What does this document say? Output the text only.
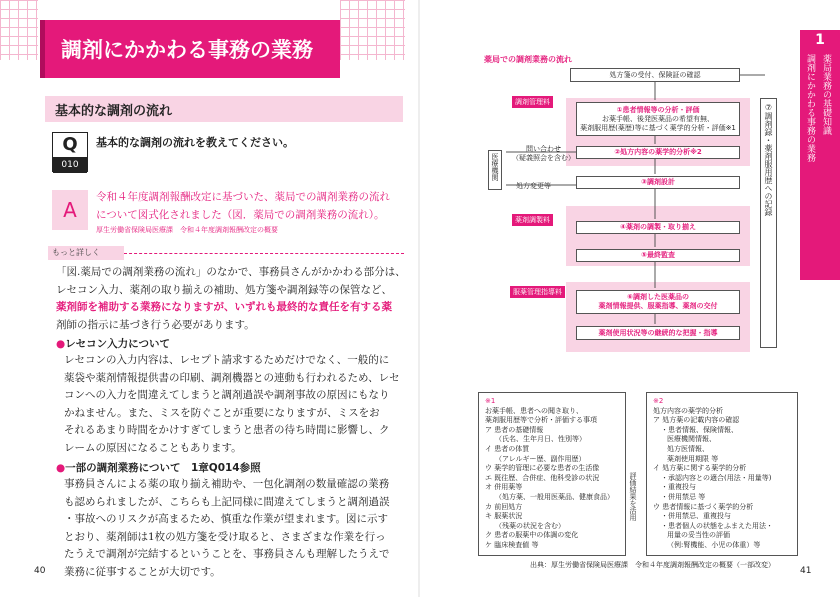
調剤にかかわる事務の業務
基本的な調剤の流れ
Q
010
基本的な調剤の流れを教えてください。
A
令和４年度調剤報酬改定に基づいた、薬局での調剤業務の流れ
について図式化されました（図．薬局での調剤業務の流れ）。
厚生労働省保険局医療課　令和４年度調剤報酬改定の概要
もっと詳しく
「図.薬局での調剤業務の流れ」のなかで、事務員さんがかかわる部分は、
レセコン入力、薬剤の取り揃えの補助、処方箋や調剤録等の保管など、
薬剤師を補助する業務になりますが、いずれも最終的な責任を有する薬
剤師の指示に基づき行う必要があります。
●レセコン入力について
レセコンの入力内容は、レセプト請求するためだけでなく、一般的に
薬袋や薬剤情報提供書の印刷、調剤機器との連動も行われるため、レセ
コンへの入力を間違えてしまうと調剤過誤や調剤事故の原因にもなり
かねません。また、ミスを防ぐことが重要になりますが、ミスをお
それるあまり時間をかけすぎてしまうと患者の待ち時間に影響し、ク
レームの原因になることもあります。
●一部の調剤業務について　1章Q014参照
事務員さんによる薬の取り揃え補助や、一包化調剤の数量確認の業務
も認められましたが、こちらも上記同様に間違えてしまうと調剤過誤
・事故へのリスクが高まるため、慎重な作業が望まれます。図に示す
とおり、薬剤師は1枚の処方箋を受け取ると、さまざまな作業を行っ
たうえで調剤が完結するということを、事務員さんも理解したうえで
業務に従事することが大切です。
40
薬局での調剤業務の流れ
処方箋の受付、保険証の確認
調剤管理料
①患者情報等の分析・評価
お薬手帳、後発医薬品の希望有無、
薬剤服用歴(薬歴)等に基づく薬学的分析・評価※1
②処方内容の薬学的分析※2
③調剤設計
問い合わせ
（疑義照会を含む）
医療機関
処方変更等
薬剤調製料
④薬剤の調製・取り揃え
⑤最終監査
服薬管理指導料
⑥調剤した医薬品の
薬剤情報提供、服薬指導、薬剤の交付
薬剤使用状況等の継続的な把握・指導
⑦調剤録・薬剤服用歴への記録
※1
お薬手帳、患者への聞き取り、
薬剤服用歴等で分析・評価する事項
ア 患者の基礎情報
（氏名、生年月日、性別等）
イ 患者の体質
（アレルギー歴、副作用歴）
ウ 薬学的管理に必要な患者の生活像
エ 既往歴、合併症、他科受診の状況
オ 併用薬等
（処方薬、一般用医薬品、健康食品）
カ 前回処方
キ 服薬状況
（残薬の状況を含む）
ク 患者の服薬中の体調の変化
ケ 臨床検査値 等
評価結果を活用
※2
処方内容の薬学的分析
ア 処方薬の記載内容の確認
・患者情報、保険情報、
医療機関情報、
処方医情報、
薬剤使用期限 等
イ 処方薬に関する薬学的分析
・承認内容との適合(用法・用量等)
・重複投与
・併用禁忌 等
ウ 患者情報に基づく薬学的分析
・併用禁忌、重複投与
・患者個人の状態をふまえた用法・
用量の妥当性の評価
（例:腎機能、小児の体重）等
出典：厚生労働省保険局医療課　令和４年度調剤報酬改定の概要（一部改変）
41
1
薬局業務の基礎知識
調剤にかかわる事務の業務
